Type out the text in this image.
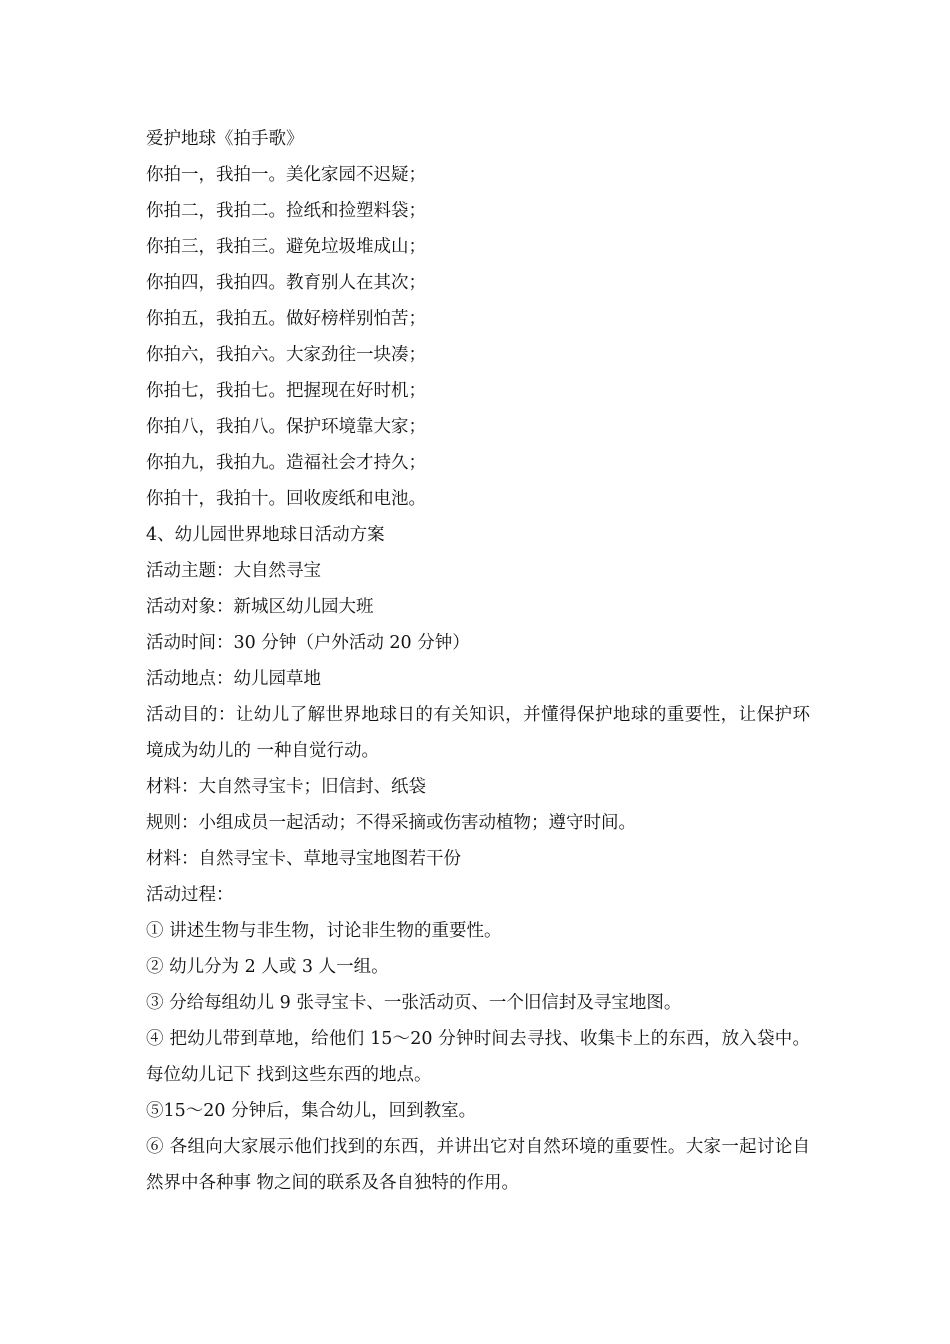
爱护地球《拍手歌》

你拍一，我拍一。美化家园不迟疑；

你拍二，我拍二。捡纸和捡塑料袋；

你拍三，我拍三。避免垃圾堆成山；

你拍四，我拍四。教育别人在其次；

你拍五，我拍五。做好榜样别怕苦；

你拍六，我拍六。大家劲往一块凑；

你拍七，我拍七。把握现在好时机；

你拍八，我拍八。保护环境靠大家；

你拍九，我拍九。造福社会才持久；

你拍十，我拍十。回收废纸和电池。

4、幼儿园世界地球日活动方案

活动主题：大自然寻宝

活动对象：新城区幼儿园大班

活动时间：30 分钟（户外活动 20 分钟）

活动地点：幼儿园草地

活动目的：让幼儿了解世界地球日的有关知识，并懂得保护地球的重要性，让保护环境成为幼儿的 一种自觉行动。

材料：大自然寻宝卡；旧信封、纸袋

规则：小组成员一起活动；不得采摘或伤害动植物；遵守时间。

材料：自然寻宝卡、草地寻宝地图若干份

活动过程：

① 讲述生物与非生物，讨论非生物的重要性。

② 幼儿分为 2 人或 3 人一组。

③ 分给每组幼儿 9 张寻宝卡、一张活动页、一个旧信封及寻宝地图。

④ 把幼儿带到草地，给他们 15～20 分钟时间去寻找、收集卡上的东西，放入袋中。每位幼儿记下 找到这些东西的地点。

⑤15～20 分钟后，集合幼儿，回到教室。

⑥ 各组向大家展示他们找到的东西，并讲出它对自然环境的重要性。大家一起讨论自然界中各种事 物之间的联系及各自独特的作用。
